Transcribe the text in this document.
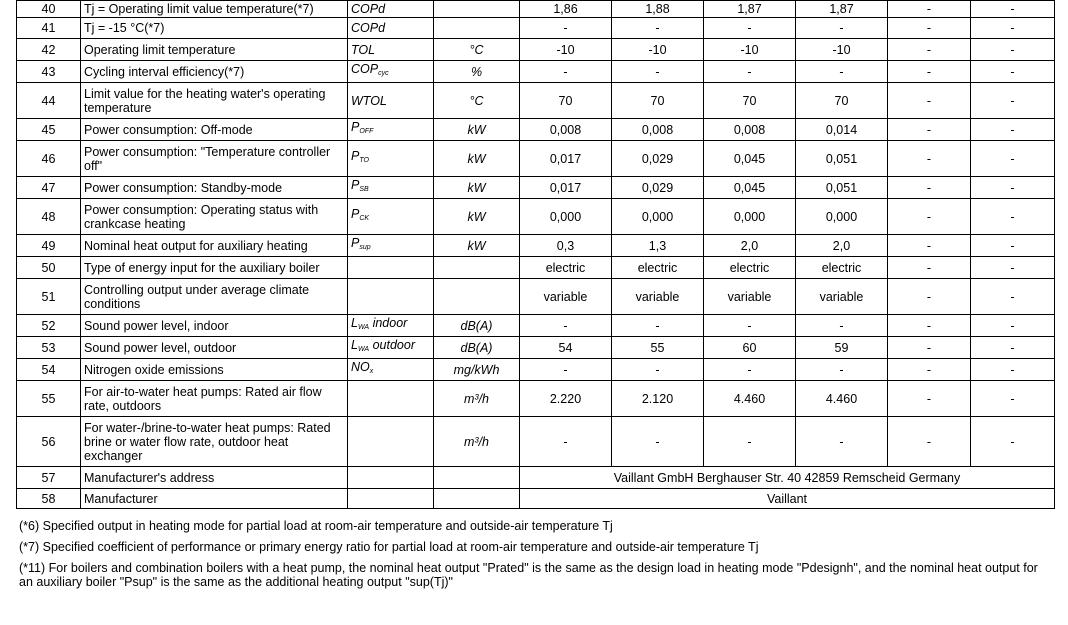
40	Tj = Operating limit value temperature(*7)	COPd		1,86	1,88	1,87	1,87	-	-
41	Tj = -15 °C(*7)	COPd		-	-	-	-	-	-
42	Operating limit temperature	TOL	°C	-10	-10	-10	-10	-	-
43	Cycling interval efficiency(*7)	$COP_{cyc}$	%	-	-	-	-	-	-
44	Limit value for the heating water's operating temperature	WTOL	°C	70	70	70	70	-	-
45	Power consumption: Off-mode	$P_{OFF}$	kW	0,008	0,008	0,008	0,014	-	-
46	Power consumption: "Temperature controller off"	$P_{TO}$	kW	0,017	0,029	0,045	0,051	-	-
47	Power consumption: Standby-mode	$P_{SB}$	kW	0,017	0,029	0,045	0,051	-	-
48	Power consumption: Operating status with crankcase heating	$P_{CK}$	kW	0,000	0,000	0,000	0,000	-	-
49	Nominal heat output for auxiliary heating	$P_{sup}$	kW	0,3	1,3	2,0	2,0	-	-
50	Type of energy input for the auxiliary boiler			electric	electric	electric	electric	-	-
51	Controlling output under average climate conditions			variable	variable	variable	variable	-	-
52	Sound power level, indoor	$L_{WA}$ indoor	dB(A)	-	-	-	-	-	-
53	Sound power level, outdoor	$L_{WA}$ outdoor	dB(A)	54	55	60	59	-	-
54	Nitrogen oxide emissions	$NO_x$	mg/kWh	-	-	-	-	-	-
55	For air-to-water heat pumps: Rated air flow rate, outdoors		m³/h	2.220	2.120	4.460	4.460	-	-
56	For water-/brine-to-water heat pumps: Rated brine or water flow rate, outdoor heat exchanger		m³/h	-	-	-	-	-	-
57	Manufacturer's address			Vaillant GmbH Berghauser Str. 40 42859 Remscheid Germany					
58	Manufacturer			Vaillant					
(*6) Specified output in heating mode for partial load at room-air temperature and outside-air temperature Tj
(*7) Specified coefficient of performance or primary energy ratio for partial load at room-air temperature and outside-air temperature Tj
(*11) For boilers and combination boilers with a heat pump, the nominal heat output "Prated" is the same as the design load in heating mode "Pdesignh", and the nominal heat output for an auxiliary boiler "Psup" is the same as the additional heating output "sup(Tj)"
